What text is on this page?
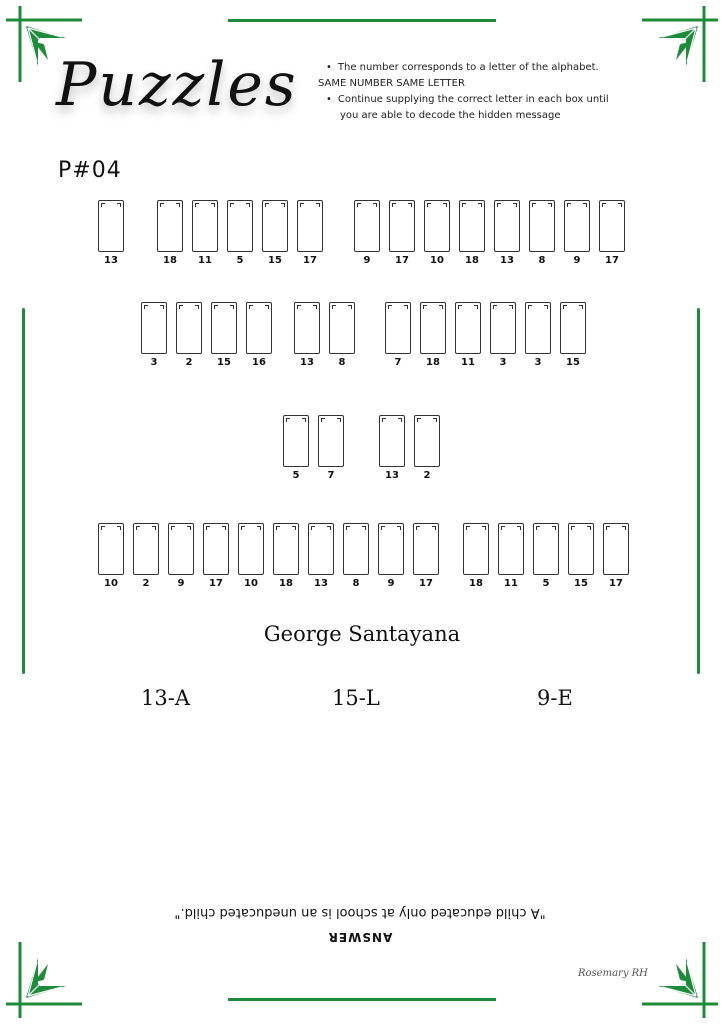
Puzzles
•	The number corresponds to a letter of the alphabet.
SAME NUMBER SAME LETTER
• Continue supplying the correct letter in each box until
you are able to decode the hidden message
P#04
13	18 11 5 15 17	9 17 10 18 13 8	9 17
3	2 15 16	13 8	7 18 11 3	3 15
5	7	13 2
10 2	9 17 10 18 13 8	9 17	18 11 5 15 17
George Santayana
13-A	15-L	9-E
ANSWER
"A child educated only at school is an uneducated child."
Rosemary RH
